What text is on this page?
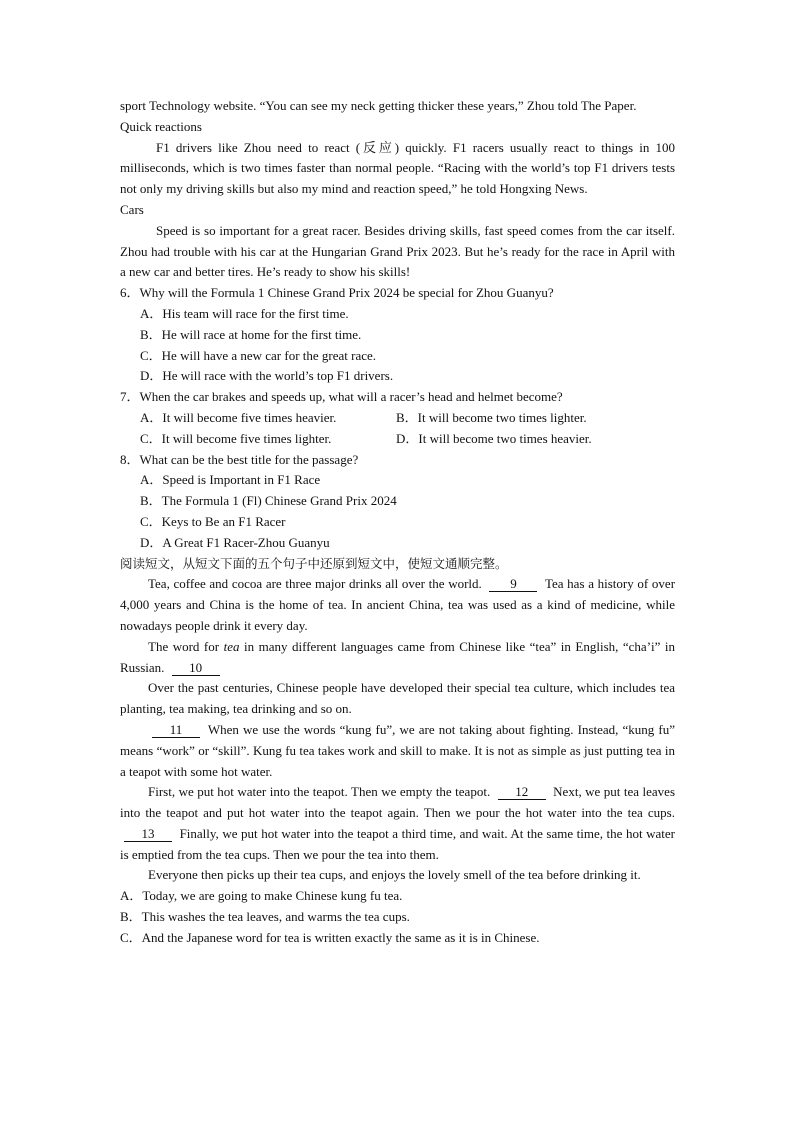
sport Technology website. “You can see my neck getting thicker these years,” Zhou told The Paper.

Quick reactions

F1 drivers like Zhou need to react (反应) quickly. F1 racers usually react to things in 100 milliseconds, which is two times faster than normal people. “Racing with the world’s top F1 drivers tests not only my driving skills but also my mind and reaction speed,” he told Hongxing News.

Cars

Speed is so important for a great racer. Besides driving skills, fast speed comes from the car itself. Zhou had trouble with his car at the Hungarian Grand Prix 2023. But he’s ready for the race in April with a new car and better tires. He’s ready to show his skills!

6．Why will the Formula 1 Chinese Grand Prix 2024 be special for Zhou Guanyu?

A．His team will race for the first time.
B．He will race at home for the first time.
C．He will have a new car for the great race.
D．He will race with the world’s top F1 drivers.

7．When the car brakes and speeds up, what will a racer’s head and helmet become?

A．It will become five times heavier.	B．It will become two times lighter.
C．It will become five times lighter.	D．It will become two times heavier.

8．What can be the best title for the passage?

A．Speed is Important in F1 Race
B．The Formula 1 (Fl) Chinese Grand Prix 2024
C．Keys to Be an F1 Racer
D．A Great F1 Racer-Zhou Guanyu

阅读短文，从短文下面的五个句子中还原到短文中，使短文通顺完整。

Tea, coffee and cocoa are three major drinks all over the world. 9 Tea has a history of over 4,000 years and China is the home of tea. In ancient China, tea was used as a kind of medicine, while nowadays people drink it every day.

The word for tea in many different languages came from Chinese like “tea” in English, “cha’i” in Russian. 10

Over the past centuries, Chinese people have developed their special tea culture, which includes tea planting, tea making, tea drinking and so on.

11 When we use the words “kung fu”, we are not taking about fighting. Instead, “kung fu” means “work” or “skill”. Kung fu tea takes work and skill to make. It is not as simple as just putting tea in a teapot with some hot water.

First, we put hot water into the teapot. Then we empty the teapot. 12 Next, we put tea leaves into the teapot and put hot water into the teapot again. Then we pour the hot water into the tea cups. 13 Finally, we put hot water into the teapot a third time, and wait. At the same time, the hot water is emptied from the tea cups. Then we pour the tea into them.

Everyone then picks up their tea cups, and enjoys the lovely smell of the tea before drinking it.

A．Today, we are going to make Chinese kung fu tea.

B．This washes the tea leaves, and warms the tea cups.

C．And the Japanese word for tea is written exactly the same as it is in Chinese.
